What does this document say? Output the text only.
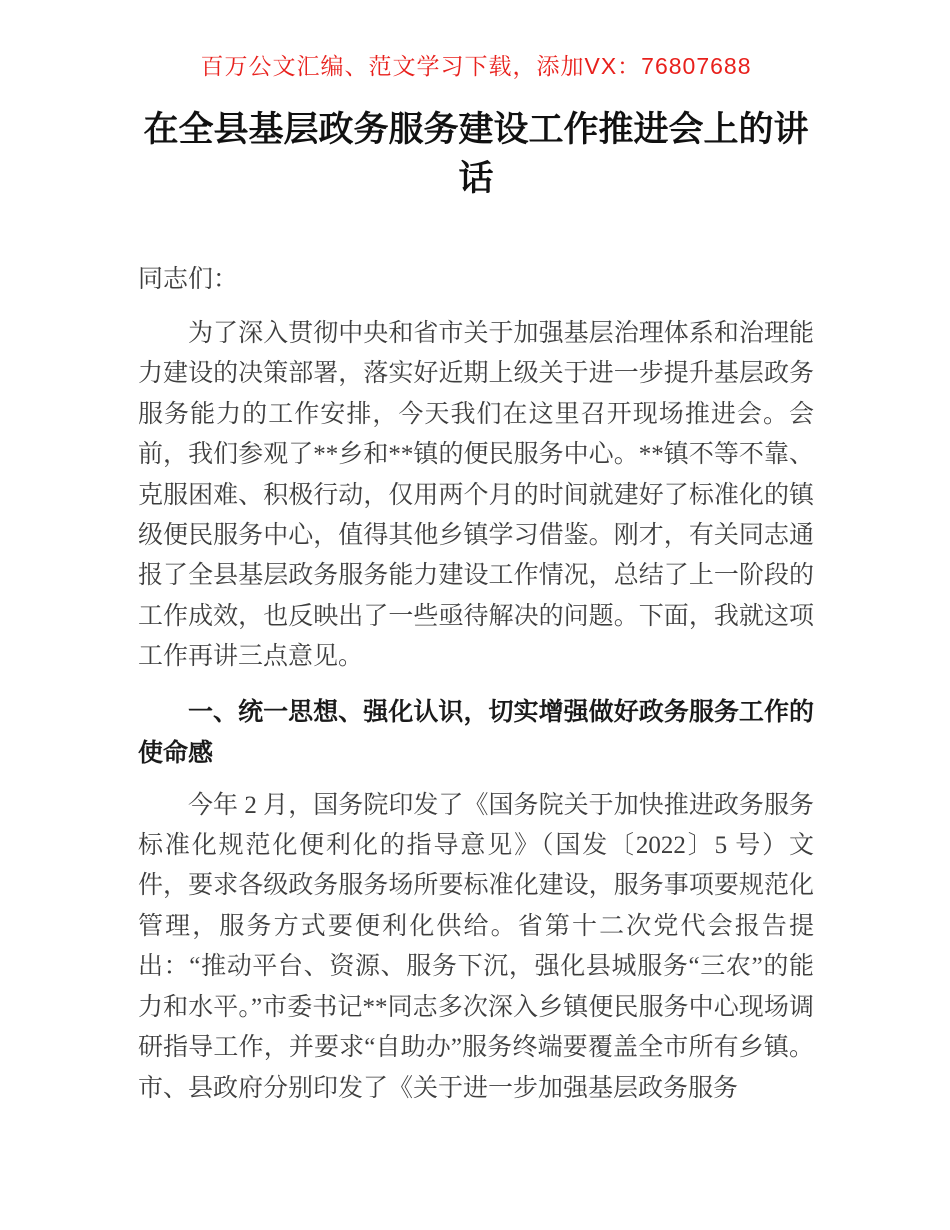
百万公文汇编、范文学习下载，添加VX：76807688
在全县基层政务服务建设工作推进会上的讲话

同志们：

为了深入贯彻中央和省市关于加强基层治理体系和治理能力建设的决策部署，落实好近期上级关于进一步提升基层政务服务能力的工作安排，今天我们在这里召开现场推进会。会前，我们参观了**乡和**镇的便民服务中心。**镇不等不靠、克服困难、积极行动，仅用两个月的时间就建好了标准化的镇级便民服务中心，值得其他乡镇学习借鉴。刚才，有关同志通报了全县基层政务服务能力建设工作情况，总结了上一阶段的工作成效，也反映出了一些亟待解决的问题。下面，我就这项工作再讲三点意见。

一、统一思想、强化认识，切实增强做好政务服务工作的使命感

今年 2 月，国务院印发了《国务院关于加快推进政务服务标准化规范化便利化的指导意见》（国发〔2022〕5 号）文件，要求各级政务服务场所要标准化建设，服务事项要规范化管理，服务方式要便利化供给。省第十二次党代会报告提出：“推动平台、资源、服务下沉，强化县城服务“三农”的能力和水平。”市委书记**同志多次深入乡镇便民服务中心现场调研指导工作，并要求“自助办”服务终端要覆盖全市所有乡镇。市、县政府分别印发了《关于进一步加强基层政务服务
